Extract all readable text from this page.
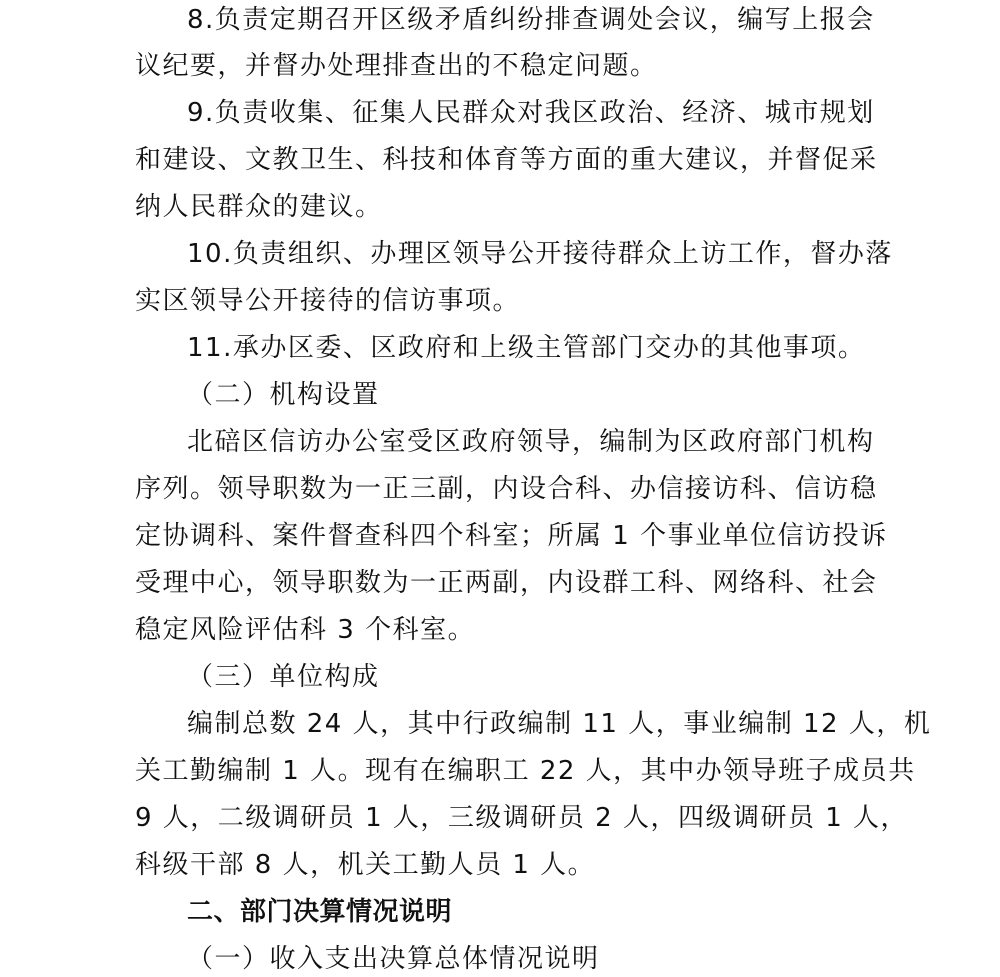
8.负责定期召开区级矛盾纠纷排查调处会议，编写上报会
议纪要，并督办处理排查出的不稳定问题。
9.负责收集、征集人民群众对我区政治、经济、城市规划
和建设、文教卫生、科技和体育等方面的重大建议，并督促采
纳人民群众的建议。
10.负责组织、办理区领导公开接待群众上访工作，督办落
实区领导公开接待的信访事项。
11.承办区委、区政府和上级主管部门交办的其他事项。
（二）机构设置
北碚区信访办公室受区政府领导，编制为区政府部门机构
序列。领导职数为一正三副，内设合科、办信接访科、信访稳
定协调科、案件督查科四个科室；所属 1 个事业单位信访投诉
受理中心，领导职数为一正两副，内设群工科、网络科、社会
稳定风险评估科 3 个科室。
（三）单位构成
编制总数 24 人，其中行政编制 11 人，事业编制 12 人，机
关工勤编制 1 人。现有在编职工 22 人，其中办领导班子成员共
9 人，二级调研员 1 人，三级调研员 2 人，四级调研员 1 人，
科级干部 8 人，机关工勤人员 1 人。
二、部门决算情况说明
（一）收入支出决算总体情况说明
